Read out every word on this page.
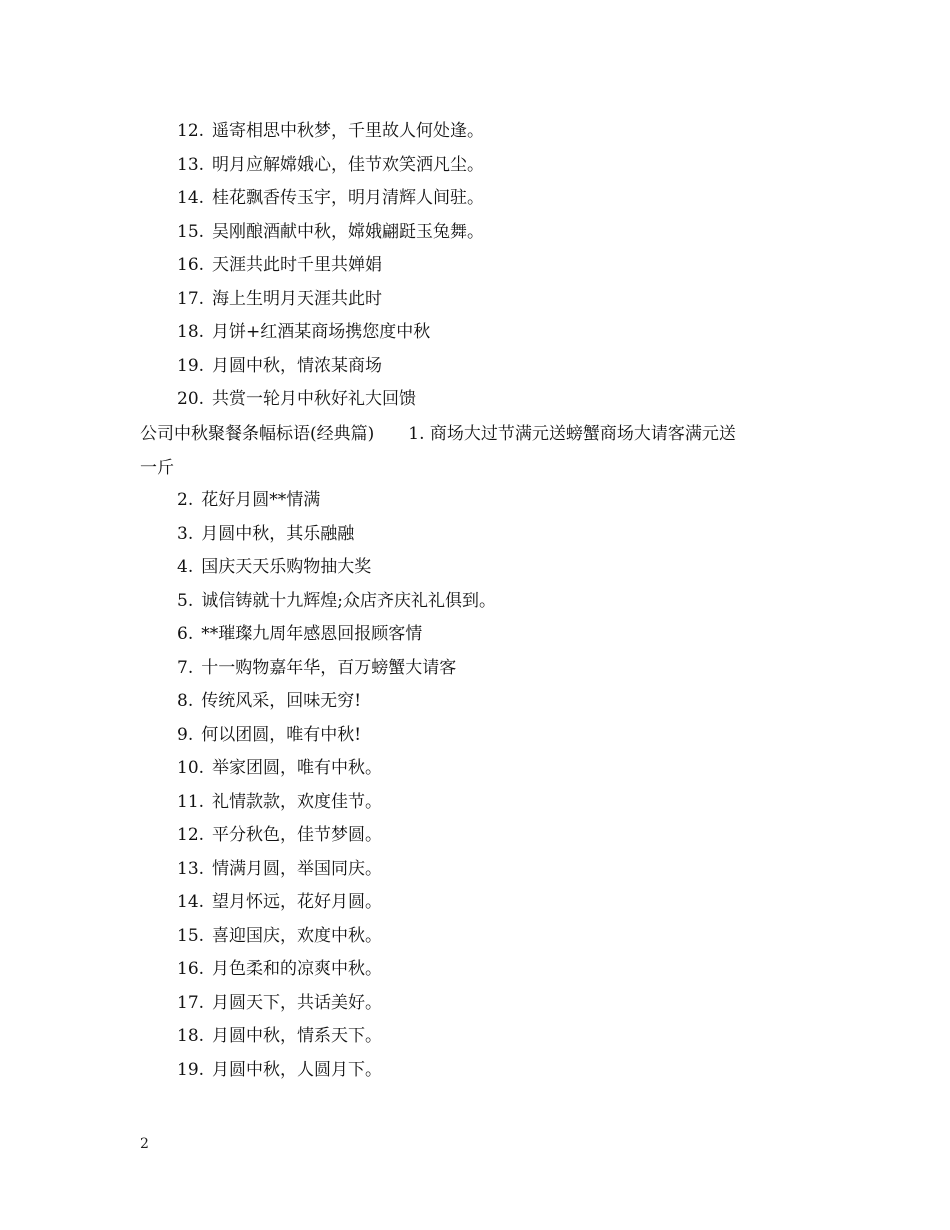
12. 遥寄相思中秋梦，千里故人何处逢。
13. 明月应解嫦娥心，佳节欢笑洒凡尘。
14. 桂花飘香传玉宇，明月清辉人间驻。
15. 吴刚酿酒献中秋，嫦娥翩跹玉兔舞。
16. 天涯共此时千里共婵娟
17. 海上生明月天涯共此时
18. 月饼+红酒某商场携您度中秋
19. 月圆中秋，情浓某商场
20. 共赏一轮月中秋好礼大回馈
公司中秋聚餐条幅标语(经典篇) 1. 商场大过节满元送螃蟹商场大请客满元送
一斤
2. 花好月圆**情满
3. 月圆中秋，其乐融融
4. 国庆天天乐购物抽大奖
5. 诚信铸就十九辉煌;众店齐庆礼礼俱到。
6. **璀璨九周年感恩回报顾客情
7. 十一购物嘉年华，百万螃蟹大请客
8. 传统风采，回味无穷!
9. 何以团圆，唯有中秋!
10. 举家团圆，唯有中秋。
11. 礼情款款，欢度佳节。
12. 平分秋色，佳节梦圆。
13. 情满月圆，举国同庆。
14. 望月怀远，花好月圆。
15. 喜迎国庆，欢度中秋。
16. 月色柔和的凉爽中秋。
17. 月圆天下，共话美好。
18. 月圆中秋，情系天下。
19. 月圆中秋，人圆月下。
2
